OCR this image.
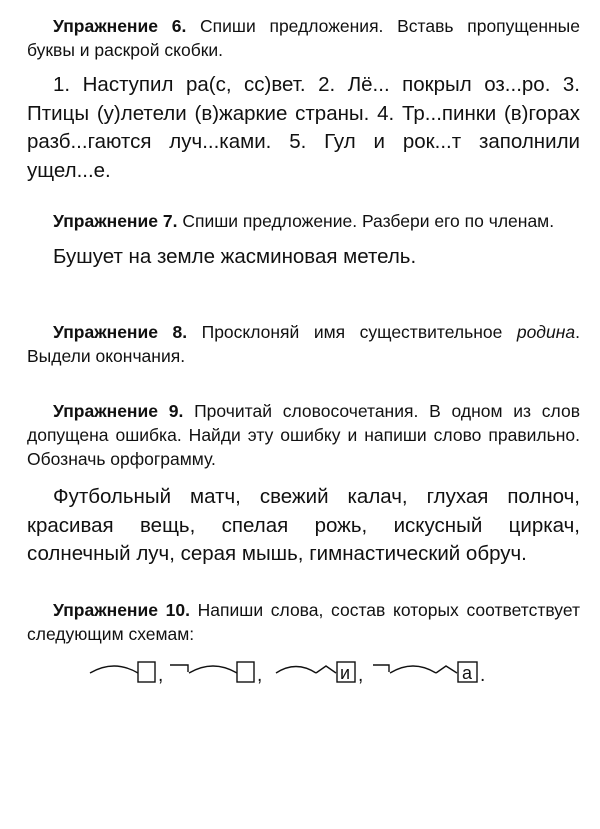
Упражнение 6. Спиши предложения. Вставь пропущенные буквы и раскрой скобки.

1. Наступил ра(с, сс)вет. 2. Лё... покрыл оз...ро. 3. Птицы (у)летели (в)жаркие страны. 4. Тр...пинки (в)горах разб...гаются луч...ками. 5. Гул и рок...т заполнили ущел...е.

Упражнение 7. Спиши предложение. Разбери его по членам.

Бушует на земле жасминовая метель.

Упражнение 8. Просклоняй имя существительное родина. Выдели окончания.

Упражнение 9. Прочитай словосочетания. В одном из слов допущена ошибка. Найди эту ошибку и напиши слово правильно. Обозначь орфограмму.

Футбольный матч, свежий калач, глухая полноч, красивая вещь, спелая рожь, искусный циркач, солнечный луч, серая мышь, гимнастический обруч.

Упражнение 10. Напиши слова, состав которых соответствует следующим схемам:

,	,	и ,	а .
